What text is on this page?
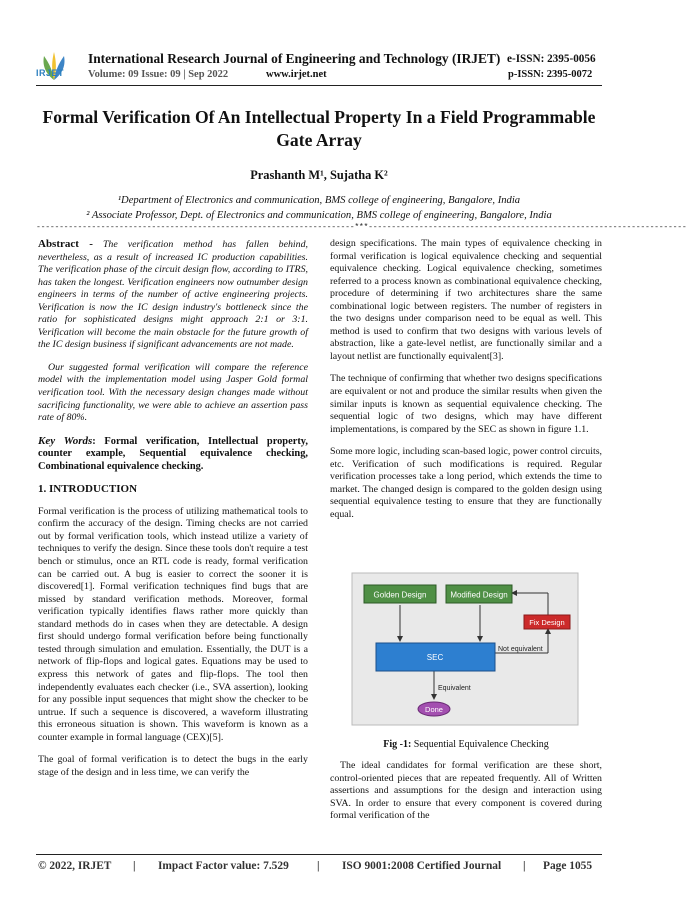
IRJET
International Research Journal of Engineering and Technology (IRJET) e-ISSN: 2395-0056
Volume: 09 Issue: 09 | Sep 2022	www.irjet.net	p-ISSN: 2395-0072
Formal Verification Of An Intellectual Property In a Field Programmable Gate Array
Prashanth M¹, Sujatha K²
¹Department of Electronics and communication, BMS college of engineering, Bangalore, India
² Associate Professor, Dept. of Electronics and communication, BMS college of engineering, Bangalore, India
---------------------------------------------------------------------***---------------------------------------------------------------------

Abstract - The verification method has fallen behind, nevertheless, as a result of increased IC production capabilities. The verification phase of the circuit design flow, according to ITRS, has taken the longest. Verification engineers now outnumber design engineers in terms of the number of active engineering projects. Verification is now the IC design industry's bottleneck since the ratio for sophisticated designs might approach 2:1 or 3:1. Verification will become the main obstacle for the future growth of the IC design business if significant advancements are not made.

Our suggested formal verification will compare the reference model with the implementation model using Jasper Gold formal verification tool. With the necessary design changes made without sacrificing functionality, we were able to achieve an assertion pass rate of 80%.

Key Words: Formal verification, Intellectual property, counter example, Sequential equivalence checking, Combinational equivalence checking.

1. INTRODUCTION

Formal verification is the process of utilizing mathematical tools to confirm the accuracy of the design. Timing checks are not carried out by formal verification tools, which instead utilize a variety of techniques to verify the design. Since these tools don't require a test bench or stimulus, once an RTL code is ready, formal verification can be carried out. A bug is easier to correct the sooner it is discovered[1]. Formal verification techniques find bugs that are missed by standard verification methods. Moreover, formal verification typically identifies flaws rather more quickly than standard methods do in cases when they are detectable. A design first should undergo formal verification before being functionally tested through simulation and emulation. Essentially, the DUT is a network of flip-flops and logical gates. Equations may be used to express this network of gates and flip-flops. The tool then independently evaluates each checker (i.e., SVA assertion), looking for any possible input sequences that might show the checker to be untrue. If such a sequence is discovered, a waveform illustrating this erroneous situation is shown. This waveform is known as a counter example in formal language (CEX)[5].

The goal of formal verification is to detect the bugs in the early stage of the design and in less time, we can verify the

design specifications. The main types of equivalence checking in formal verification is logical equivalence checking and sequential equivalence checking. Logical equivalence checking, sometimes referred to a process known as combinational equivalence checking, procedure of determining if two architectures share the same combinational logic between registers. The number of registers in the two designs under comparison need to be equal as well. This method is used to confirm that two designs with various levels of abstraction, like a gate-level netlist, are functionally similar and a layout netlist are functionally equivalent[3].

The technique of confirming that whether two designs specifications are equivalent or not and produce the similar results when given the similar inputs is known as sequential equivalence checking. The sequential logic of two designs, which may have different implementations, is compared by the SEC as shown in figure 1.1.

Some more logic, including scan-based logic, power control circuits, etc. Verification of such modifications is required. Regular verification processes take a long period, which extends the time to market. The changed design is compared to the golden design using sequential equivalence testing to ensure that they are functionally equal.

Golden Design	Modified Design
Fix Design
SEC
Not equivalent
Equivalent
Done
Fig -1: Sequential Equivalence Checking

The ideal candidates for formal verification are these short, control-oriented pieces that are repeated frequently. All of Written assertions and assumptions for the design and interaction using SVA. In order to ensure that every component is covered during formal verification of the

© 2022, IRJET | Impact Factor value: 7.529 | ISO 9001:2008 Certified Journal | Page 1055
